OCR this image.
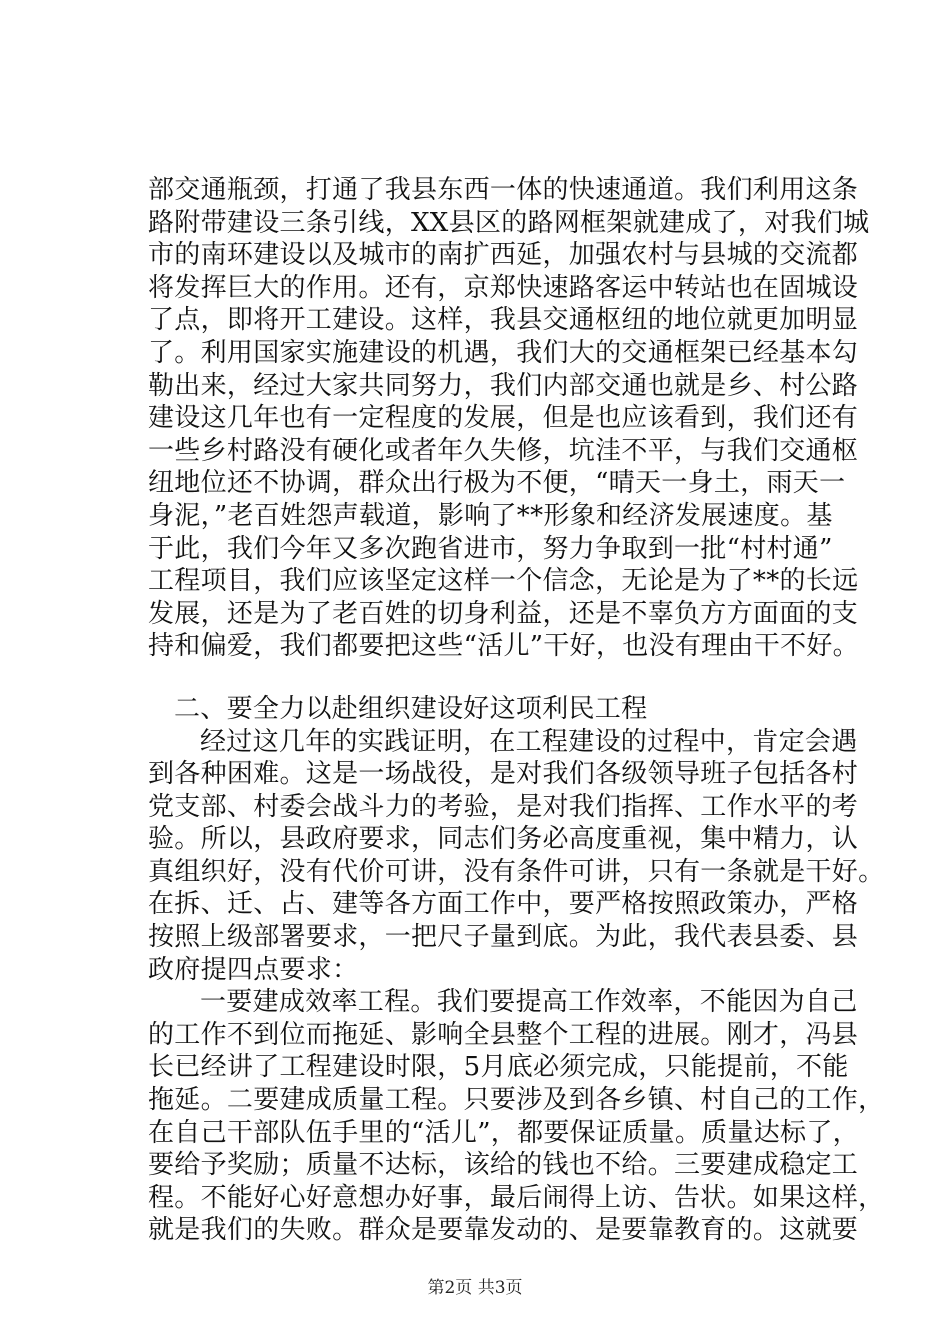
部交通瓶颈，打通了我县东西一体的快速通道。我们利用这条
路附带建设三条引线，XX县区的路网框架就建成了，对我们城
市的南环建设以及城市的南扩西延，加强农村与县城的交流都
将发挥巨大的作用。还有，京郑快速路客运中转站也在固城设
了点，即将开工建设。这样，我县交通枢纽的地位就更加明显
了。利用国家实施建设的机遇，我们大的交通框架已经基本勾
勒出来，经过大家共同努力，我们内部交通也就是乡、村公路
建设这几年也有一定程度的发展，但是也应该看到，我们还有
一些乡村路没有硬化或者年久失修，坑洼不平，与我们交通枢
纽地位还不协调，群众出行极为不便，“晴天一身土，雨天一
身泥，”老百姓怨声载道，影响了**形象和经济发展速度。基
于此，我们今年又多次跑省进市，努力争取到一批“村村通”
工程项目，我们应该坚定这样一个信念，无论是为了**的长远
发展，还是为了老百姓的切身利益，还是不辜负方方面面的支
持和偏爱，我们都要把这些“活儿”干好，也没有理由干不好。
二、要全力以赴组织建设好这项利民工程
经过这几年的实践证明，在工程建设的过程中，肯定会遇
到各种困难。这是一场战役，是对我们各级领导班子包括各村
党支部、村委会战斗力的考验，是对我们指挥、工作水平的考
验。所以，县政府要求，同志们务必高度重视，集中精力，认
真组织好，没有代价可讲，没有条件可讲，只有一条就是干好。
在拆、迁、占、建等各方面工作中，要严格按照政策办，严格
按照上级部署要求，一把尺子量到底。为此，我代表县委、县
政府提四点要求：
一要建成效率工程。我们要提高工作效率，不能因为自己
的工作不到位而拖延、影响全县整个工程的进展。刚才，冯县
长已经讲了工程建设时限，5月底必须完成，只能提前，不能
拖延。二要建成质量工程。只要涉及到各乡镇、村自己的工作，
在自己干部队伍手里的“活儿”，都要保证质量。质量达标了，
要给予奖励；质量不达标，该给的钱也不给。三要建成稳定工
程。不能好心好意想办好事，最后闹得上访、告状。如果这样，
就是我们的失败。群众是要靠发动的、是要靠教育的。这就要
第2页 共3页
